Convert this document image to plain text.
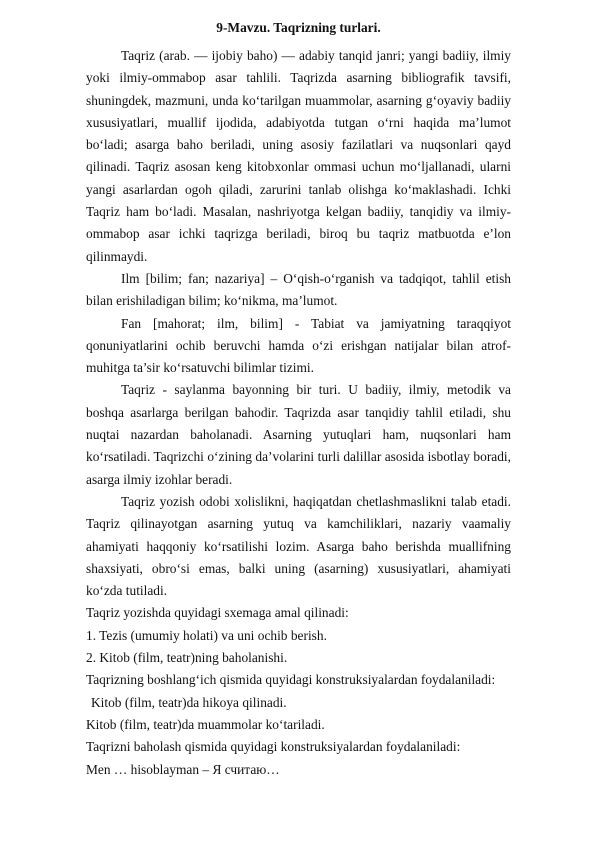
9-Mavzu. Taqrizning turlari.

Taqriz (arab. — ijobiy baho) — adabiy tanqid janri; yangi badiiy, ilmiy yoki ilmiy-ommabop asar tahlili. Taqrizda asarning bibliografik tavsifi, shuningdek, mazmuni, unda ko‘tarilgan muammolar, asarning g‘oyaviy badiiy xususiyatlari, muallif ijodida, adabiyotda tutgan o‘rni haqida ma’lumot bo‘ladi; asarga baho beriladi, uning asosiy fazilatlari va nuqsonlari qayd qilinadi. Taqriz asosan keng kitobxonlar ommasi uchun mo‘ljallanadi, ularni yangi asarlardan ogoh qiladi, zarurini tanlab olishga ko‘maklashadi. Ichki Taqriz ham bo‘ladi. Masalan, nashriyotga kelgan badiiy, tanqidiy va ilmiy-ommabop asar ichki taqrizga beriladi, biroq bu taqriz matbuotda e’lon qilinmaydi.

Ilm [bilim; fan; nazariya] – O‘qish-o‘rganish va tadqiqot, tahlil etish bilan erishiladigan bilim; ko‘nikma, ma’lumot.

Fan [mahorat; ilm, bilim] - Tabiat va jamiyatning taraqqiyot qonuniyatlarini ochib beruvchi hamda o‘zi erishgan natijalar bilan atrof-muhitga ta’sir ko‘rsatuvchi bilimlar tizimi.

Taqriz - saylanma bayonning bir turi. U badiiy, ilmiy, metodik va boshqa asarlarga berilgan bahodir. Taqrizda asar tanqidiy tahlil etiladi, shu nuqtai nazardan baholanadi. Asarning yutuqlari ham, nuqsonlari ham ko‘rsatiladi. Taqrizchi o‘zining da’volarini turli dalillar asosida isbotlay boradi, asarga ilmiy izohlar beradi.

Taqriz yozish odobi xolislikni, haqiqatdan chetlashmaslikni talab etadi. Taqriz qilinayotgan asarning yutuq va kamchiliklari, nazariy vaamaliy ahamiyati haqqoniy ko‘rsatilishi lozim. Asarga baho berishda muallifning shaxsiyati, obro‘si emas, balki uning (asarning) xususiyatlari, ahamiyati ko‘zda tutiladi.

Taqriz yozishda quyidagi sxemaga amal qilinadi:

1. Tezis (umumiy holati) va uni ochib berish.

2. Kitob (film, teatr)ning baholanishi.

Taqrizning boshlang‘ich qismida quyidagi konstruksiyalardan foydalaniladi:

Kitob (film, teatr)da hikoya qilinadi.

Kitob (film, teatr)da muammolar ko‘tariladi.

Taqrizni baholash qismida quyidagi konstruksiyalardan foydalaniladi:

Men … hisoblayman – Я считаю…
